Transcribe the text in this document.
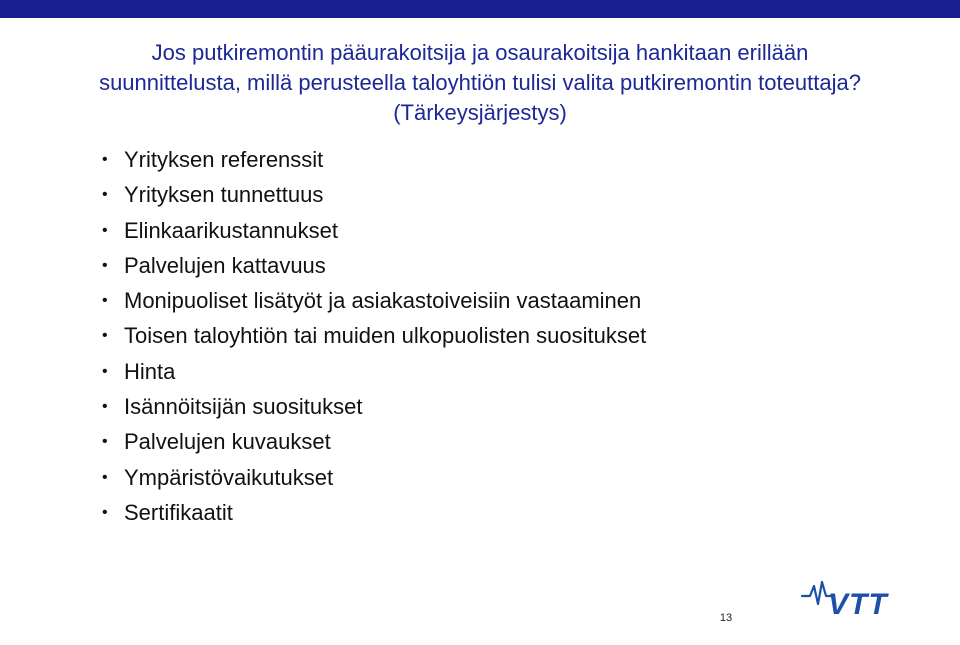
Jos putkiremontin pääurakoitsija ja osaurakoitsija hankitaan erillään suunnittelusta, millä perusteella taloyhtiön tulisi valita putkiremontin toteuttaja? (Tärkeysjärjestys)
• Yrityksen referenssit
• Yrityksen tunnettuus
• Elinkaarikustannukset
• Palvelujen kattavuus
• Monipuoliset lisätyöt ja asiakastoiveisiin vastaaminen
• Toisen taloyhtiön tai muiden ulkopuolisten suositukset
• Hinta
• Isännöitsijän suositukset
• Palvelujen kuvaukset
• Ympäristövaikutukset
• Sertifikaatit
13	VTT
